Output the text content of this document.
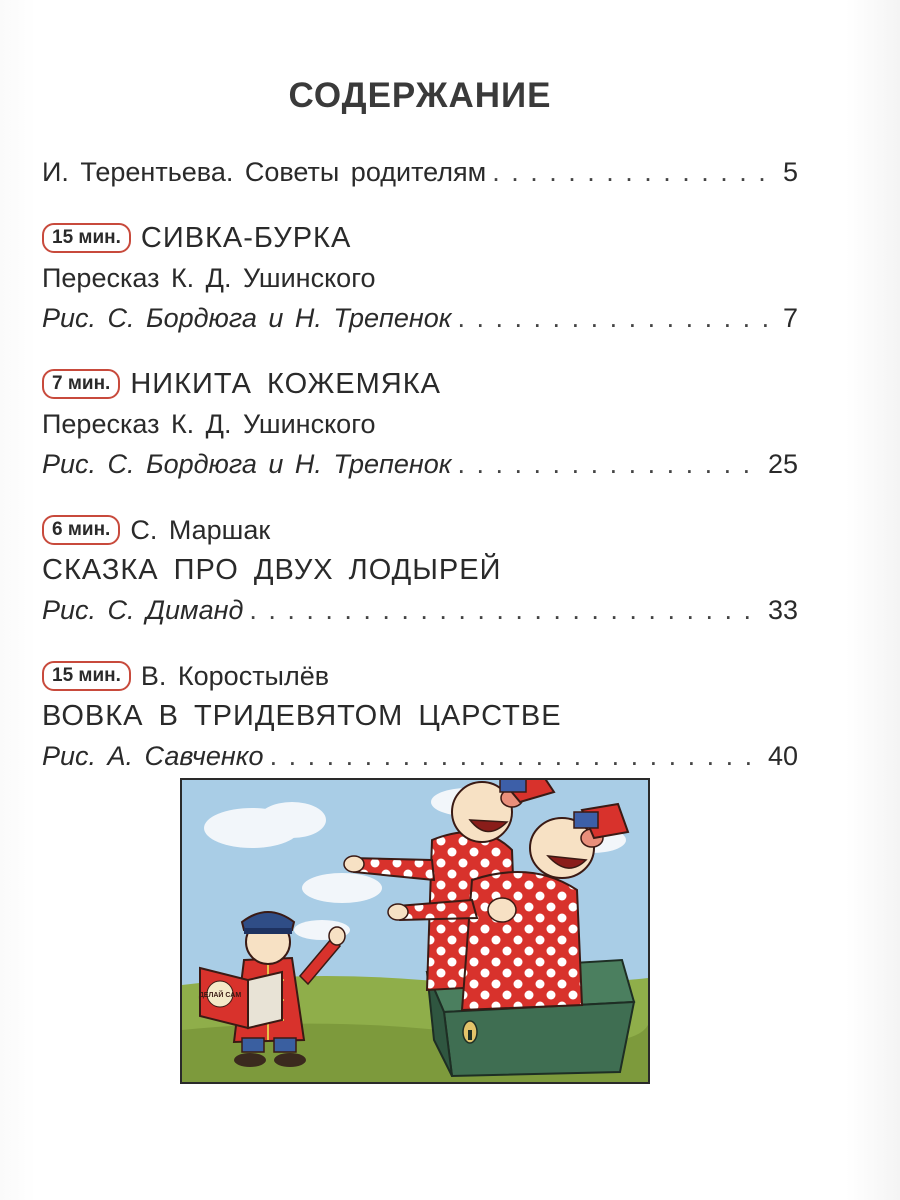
СОДЕРЖАНИЕ
И. Терентьева. Советы родителям . . .	5
15 мин. СИВКА-БУРКА
Пересказ К. Д. Ушинского
Рис. С. Бордюга и Н. Трепенок . . .	7
7 мин. НИКИТА КОЖЕМЯКА
Пересказ К. Д. Ушинского
Рис. С. Бордюга и Н. Трепенок . . .	25
6 мин. С. Маршак
СКАЗКА ПРО ДВУХ ЛОДЫРЕЙ
Рис. С. Диманд . . .	33
15 мин. В. Коростылёв
ВОВКА В ТРИДЕВЯТОМ ЦАРСТВЕ
Рис. А. Савченко . . .	40
ДЕЛАЙ САМ
